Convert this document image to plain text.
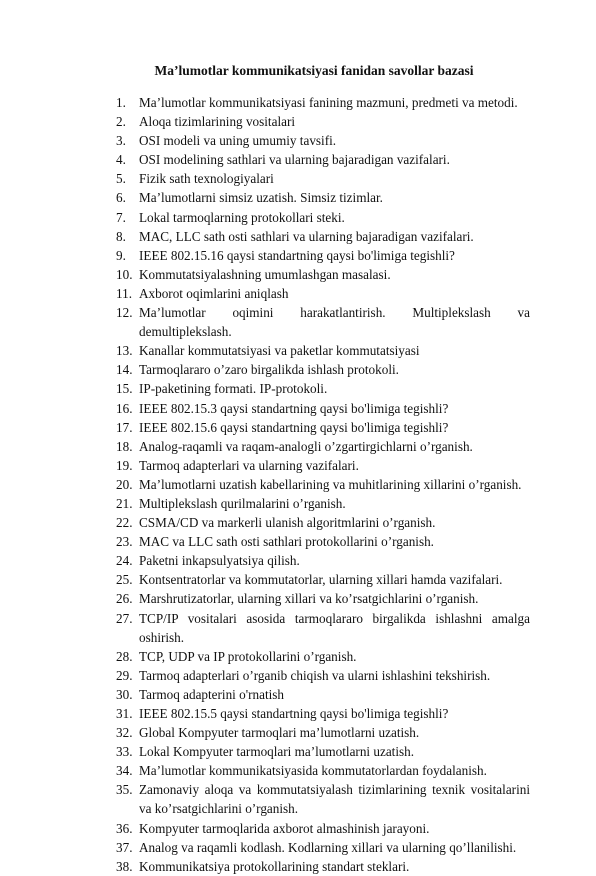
Ma’lumotlar kommunikatsiyasi fanidan savollar bazasi
1. Ma’lumotlar kommunikatsiyasi fanining mazmuni, predmeti va metodi.
2. Aloqa tizimlarining vositalari
3. OSI modeli va uning umumiy tavsifi.
4. OSI modelining sathlari va ularning bajaradigan vazifalari.
5. Fizik sath texnologiyalari
6. Ma’lumotlarni simsiz uzatish. Simsiz tizimlar.
7. Lokal tarmoqlarning protokollari steki.
8. MAC, LLC sath osti sathlari va ularning bajaradigan vazifalari.
9. IEEE 802.15.16 qaysi standartning qaysi bo'limiga tegishli?
10. Kommutatsiyalashning umumlashgan masalasi.
11. Axborot oqimlarini aniqlash
12. Ma’lumotlar oqimini harakatlantirish. Multiplekslash va demultiplekslash.
13. Kanallar kommutatsiyasi va paketlar kommutatsiyasi
14. Tarmoqlararo o’zaro birgalikda ishlash protokoli.
15. IP-paketining formati. IP-protokoli.
16. IEEE 802.15.3 qaysi standartning qaysi bo'limiga tegishli?
17. IEEE 802.15.6 qaysi standartning qaysi bo'limiga tegishli?
18. Analog-raqamli va raqam-analogli o’zgartirgichlarni o’rganish.
19. Tarmoq adapterlari va ularning vazifalari.
20. Ma’lumotlarni uzatish kabellarining va muhitlarining xillarini o’rganish.
21. Multiplekslash qurilmalarini o’rganish.
22. CSMA/CD va markerli ulanish algoritmlarini o’rganish.
23. MAC va LLC sath osti sathlari protokollarini o’rganish.
24. Paketni inkapsulyatsiya qilish.
25. Kontsentratorlar va kommutatorlar, ularning xillari hamda vazifalari.
26. Marshrutizatorlar, ularning xillari va ko’rsatgichlarini o’rganish.
27. TCP/IP vositalari asosida tarmoqlararo birgalikda ishlashni amalga oshirish.
28. TCP, UDP va IP protokollarini o’rganish.
29. Tarmoq adapterlari o’rganib chiqish va ularni ishlashini tekshirish.
30. Tarmoq adapterini o'rnatish
31. IEEE 802.15.5 qaysi standartning qaysi bo'limiga tegishli?
32. Global Kompyuter tarmoqlari ma’lumotlarni uzatish.
33. Lokal Kompyuter tarmoqlari ma’lumotlarni uzatish.
34. Ma’lumotlar kommunikatsiyasida kommutatorlardan foydalanish.
35. Zamonaviy aloqa va kommutatsiyalash tizimlarining texnik vositalarini va ko’rsatgichlarini o’rganish.
36. Kompyuter tarmoqlarida axborot almashinish jarayoni.
37. Analog va raqamli kodlash. Kodlarning xillari va ularning qo’llanilishi.
38. Kommunikatsiya protokollarining standart steklari.
